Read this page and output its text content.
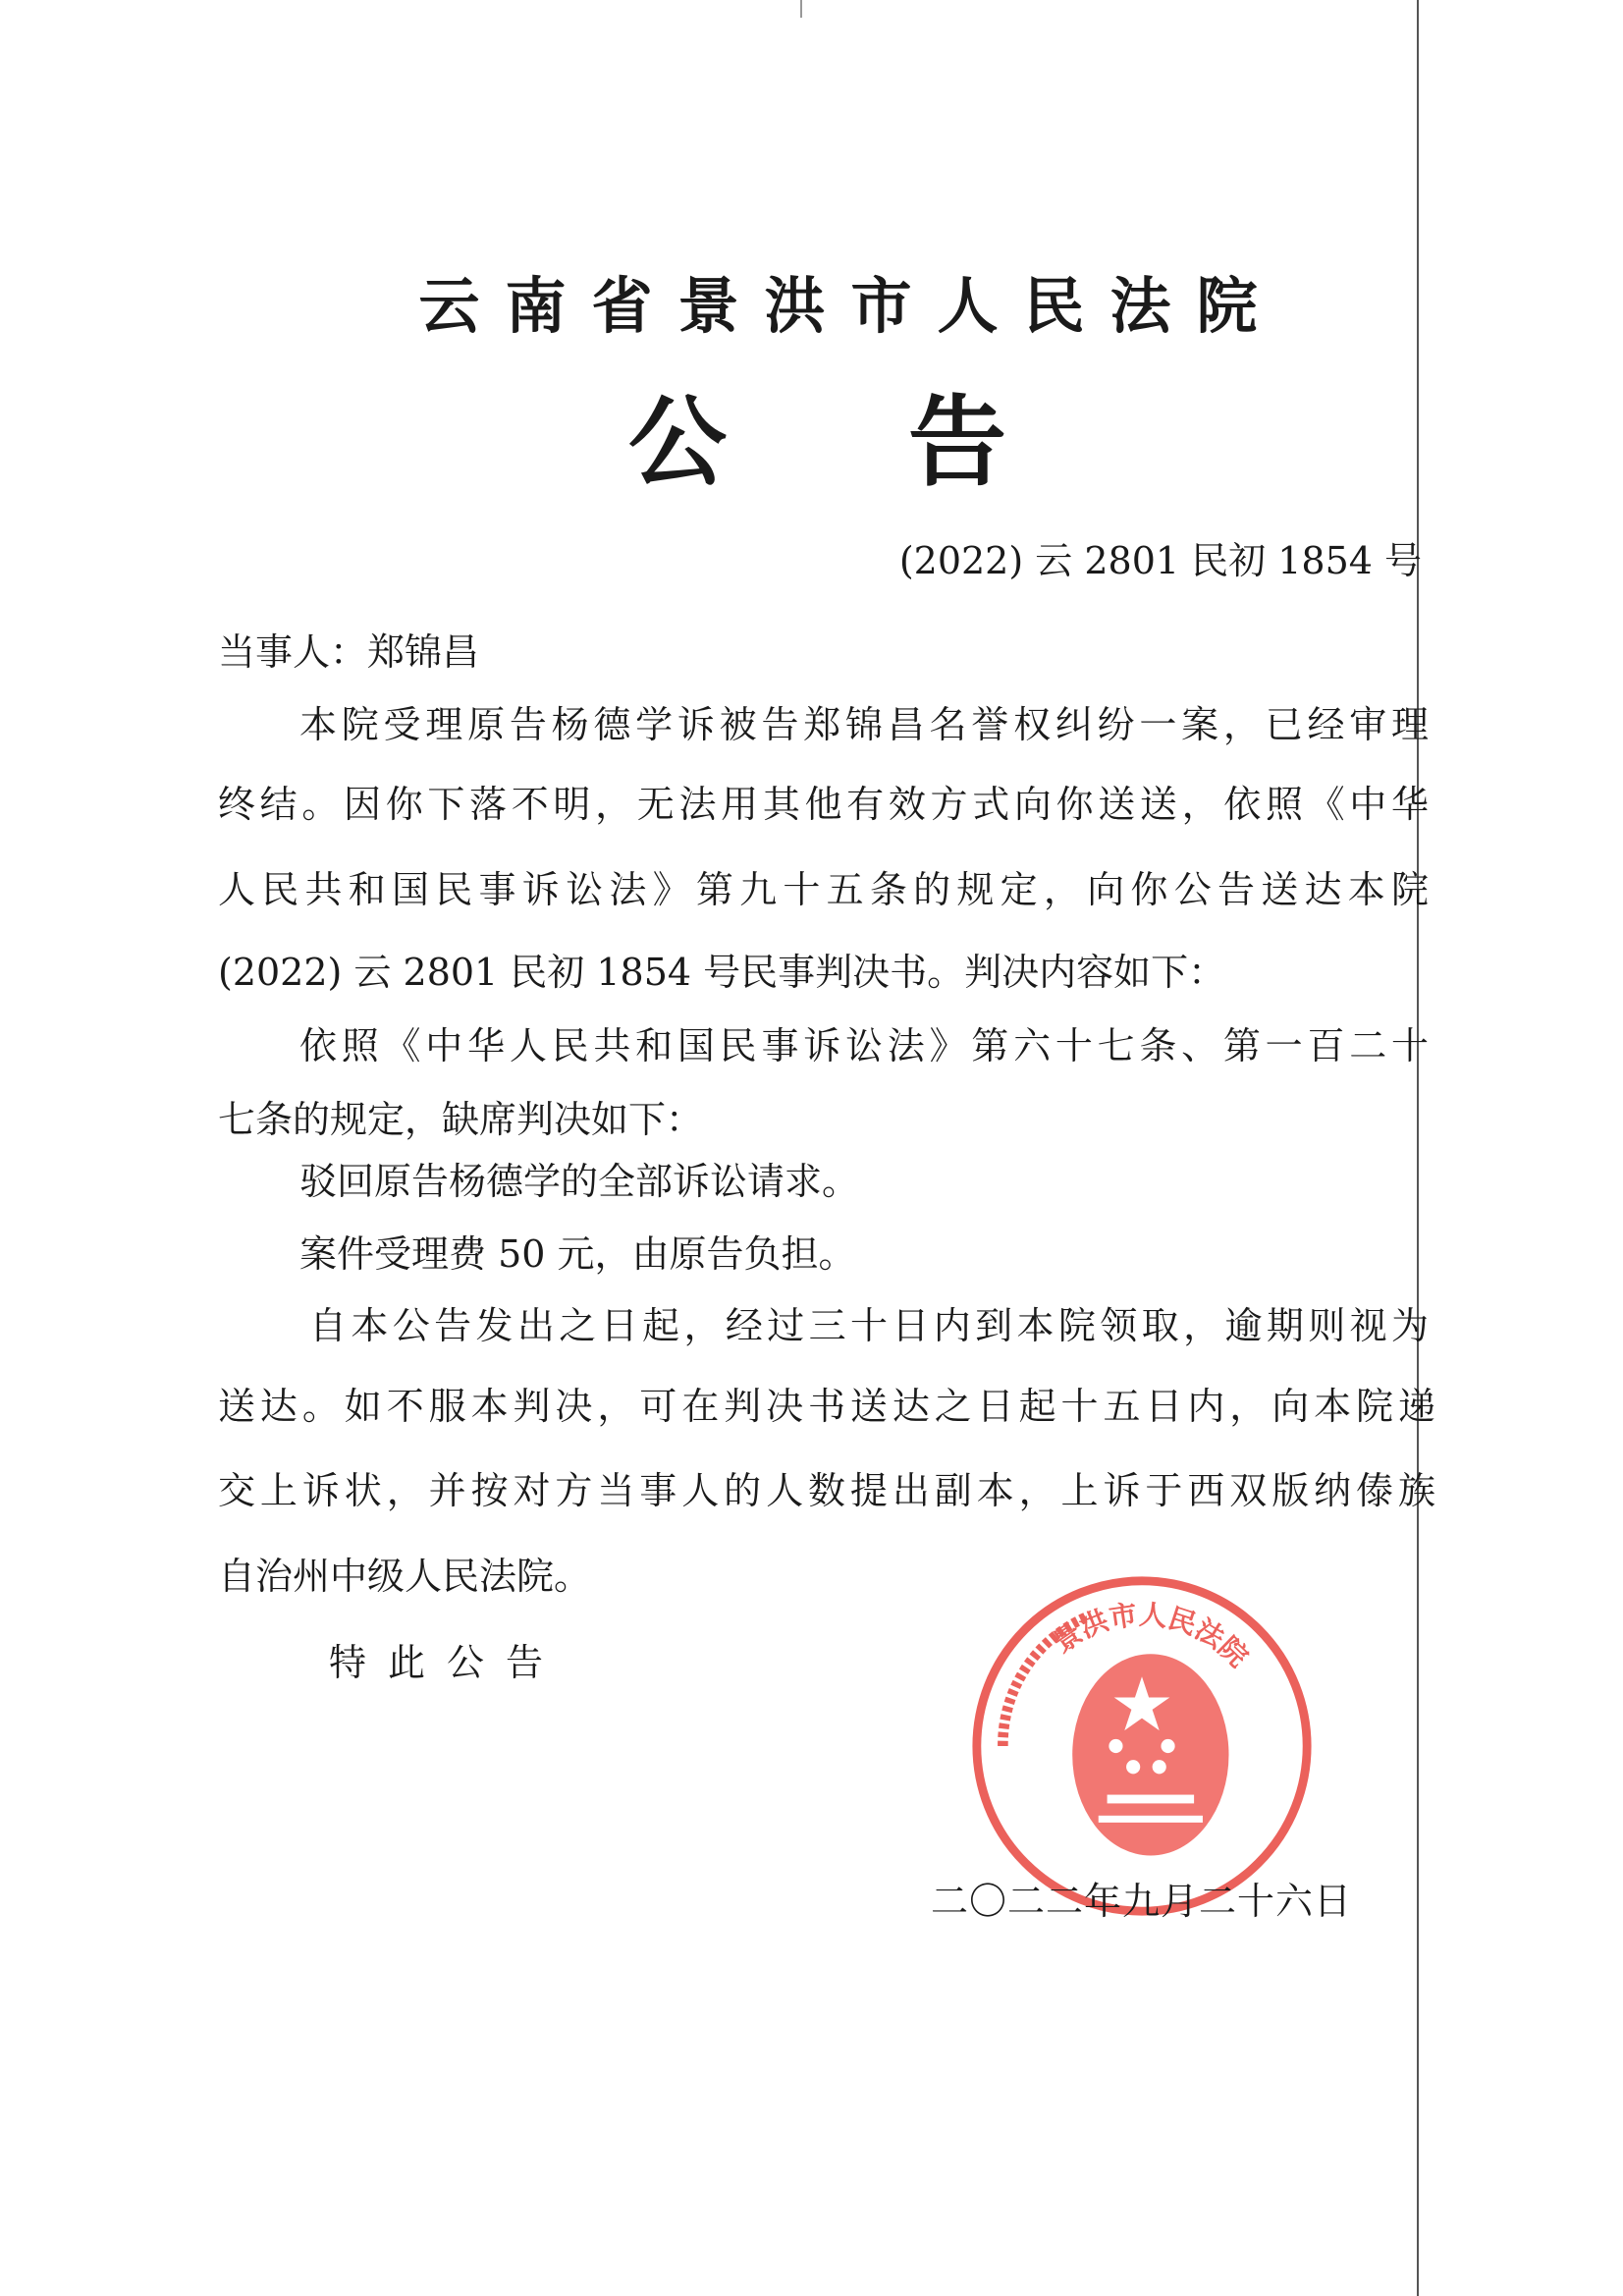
云南省景洪市人民法院
公 告
(2022) 云 2801 民初 1854 号
当事人：郑锦昌
本院受理原告杨德学诉被告郑锦昌名誉权纠纷一案，已经审理
终结。因你下落不明，无法用其他有效方式向你送送，依照《中华
人民共和国民事诉讼法》第九十五条的规定，向你公告送达本院
(2022) 云 2801 民初 1854 号民事判决书。判决内容如下：
依照《中华人民共和国民事诉讼法》第六十七条、第一百二十
七条的规定，缺席判决如下：
驳回原告杨德学的全部诉讼请求。
案件受理费 50 元，由原告负担。
自本公告发出之日起，经过三十日内到本院领取，逾期则视为
送达。如不服本判决，可在判决书送达之日起十五日内，向本院递
交上诉状，并按对方当事人的人数提出副本，上诉于西双版纳傣族
自治州中级人民法院。
特此公告
景洪市人民法院
二〇二二年九月二十六日
